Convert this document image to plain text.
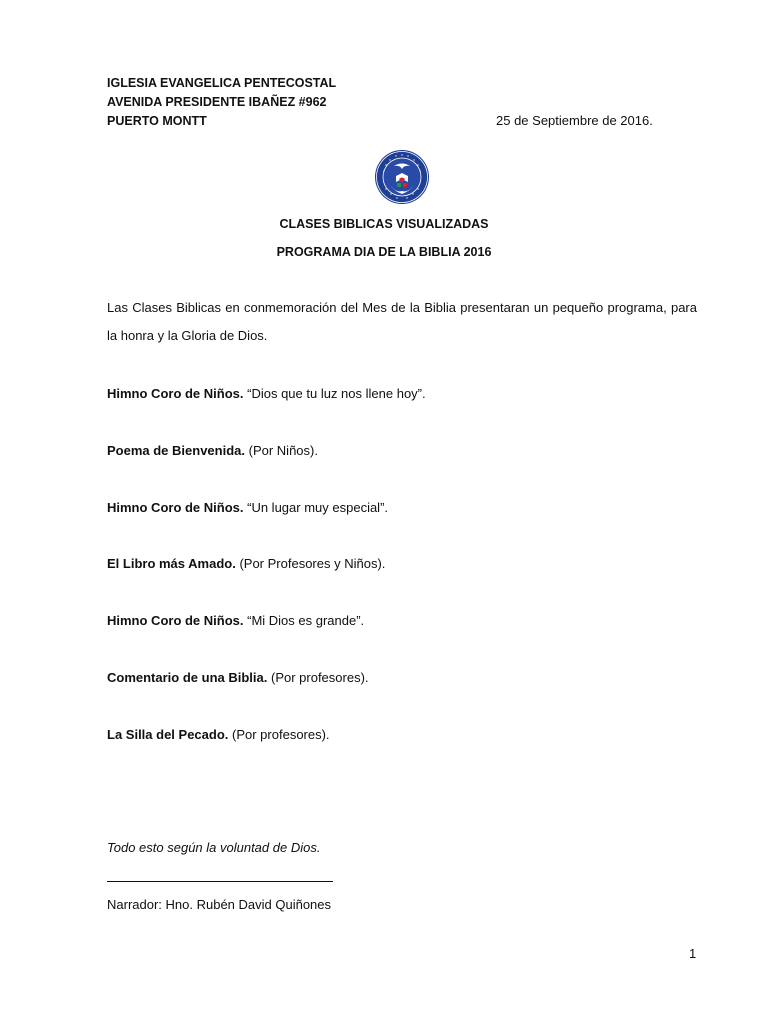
IGLESIA EVANGELICA PENTECOSTAL
AVENIDA PRESIDENTE IBAÑEZ #962
PUERTO MONTT	25 de Septiembre de 2016.
CLASES BIBLICAS VISUALIZADAS
PROGRAMA DIA DE LA BIBLIA 2016
Las Clases Biblicas en conmemoración del Mes de la Biblia presentaran un pequeño programa, para la honra y la Gloria de Dios.
Himno Coro de Niños. “Dios que tu luz nos llene hoy”.
Poema de Bienvenida. (Por Niños).
Himno Coro de Niños. “Un lugar muy especial”.
El Libro más Amado. (Por Profesores y Niños).
Himno Coro de Niños. “Mi Dios es grande”.
Comentario de una Biblia. (Por profesores).
La Silla del Pecado. (Por profesores).
Todo esto según la voluntad de Dios.
Narrador: Hno. Rubén David Quiñones
1
